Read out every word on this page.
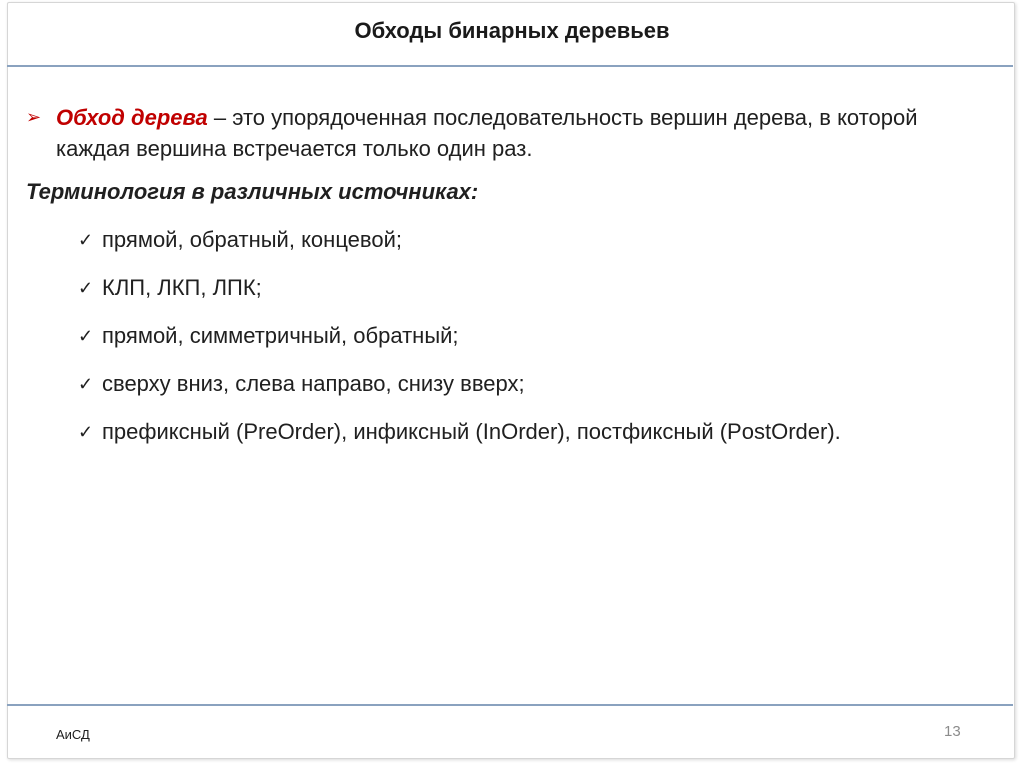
Обходы бинарных деревьев
➢ Обход дерева – это упорядоченная последовательность вершин дерева, в которой каждая вершина встречается только один раз.
Терминология в различных источниках:
✓ прямой, обратный, концевой;
✓ КЛП, ЛКП, ЛПК;
✓ прямой, симметричный, обратный;
✓ сверху вниз, слева направо, снизу вверх;
✓ префиксный (PreOrder), инфиксный (InOrder), постфиксный (PostOrder).
АиСД	13
